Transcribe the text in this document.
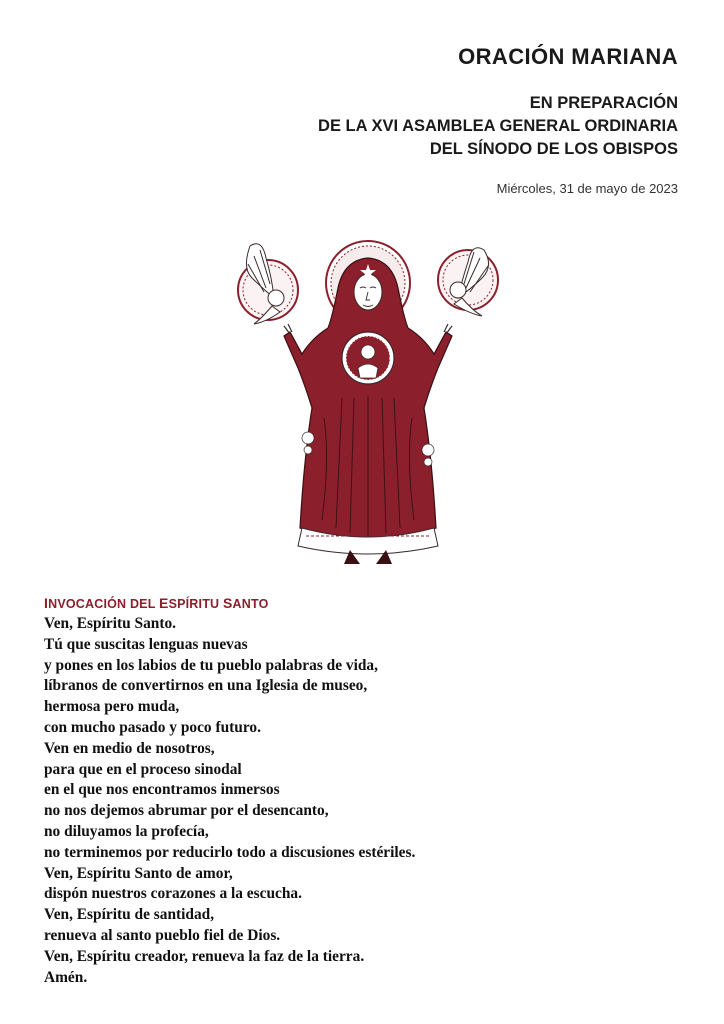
ORACIÓN MARIANA
EN PREPARACIÓN
DE LA XVI ASAMBLEA GENERAL ORDINARIA
DEL SÍNODO DE LOS OBISPOS
Miércoles, 31 de mayo de 2023
INVOCACIÓN DEL ESPÍRITU SANTO
Ven, Espíritu Santo.
Tú que suscitas lenguas nuevas
y pones en los labios de tu pueblo palabras de vida,
líbranos de convertirnos en una Iglesia de museo,
hermosa pero muda,
con mucho pasado y poco futuro.
Ven en medio de nosotros,
para que en el proceso sinodal
en el que nos encontramos inmersos
no nos dejemos abrumar por el desencanto,
no diluyamos la profecía,
no terminemos por reducirlo todo a discusiones estériles.
Ven, Espíritu Santo de amor,
dispón nuestros corazones a la escucha.
Ven, Espíritu de santidad,
renueva al santo pueblo fiel de Dios.
Ven, Espíritu creador, renueva la faz de la tierra.
Amén.
